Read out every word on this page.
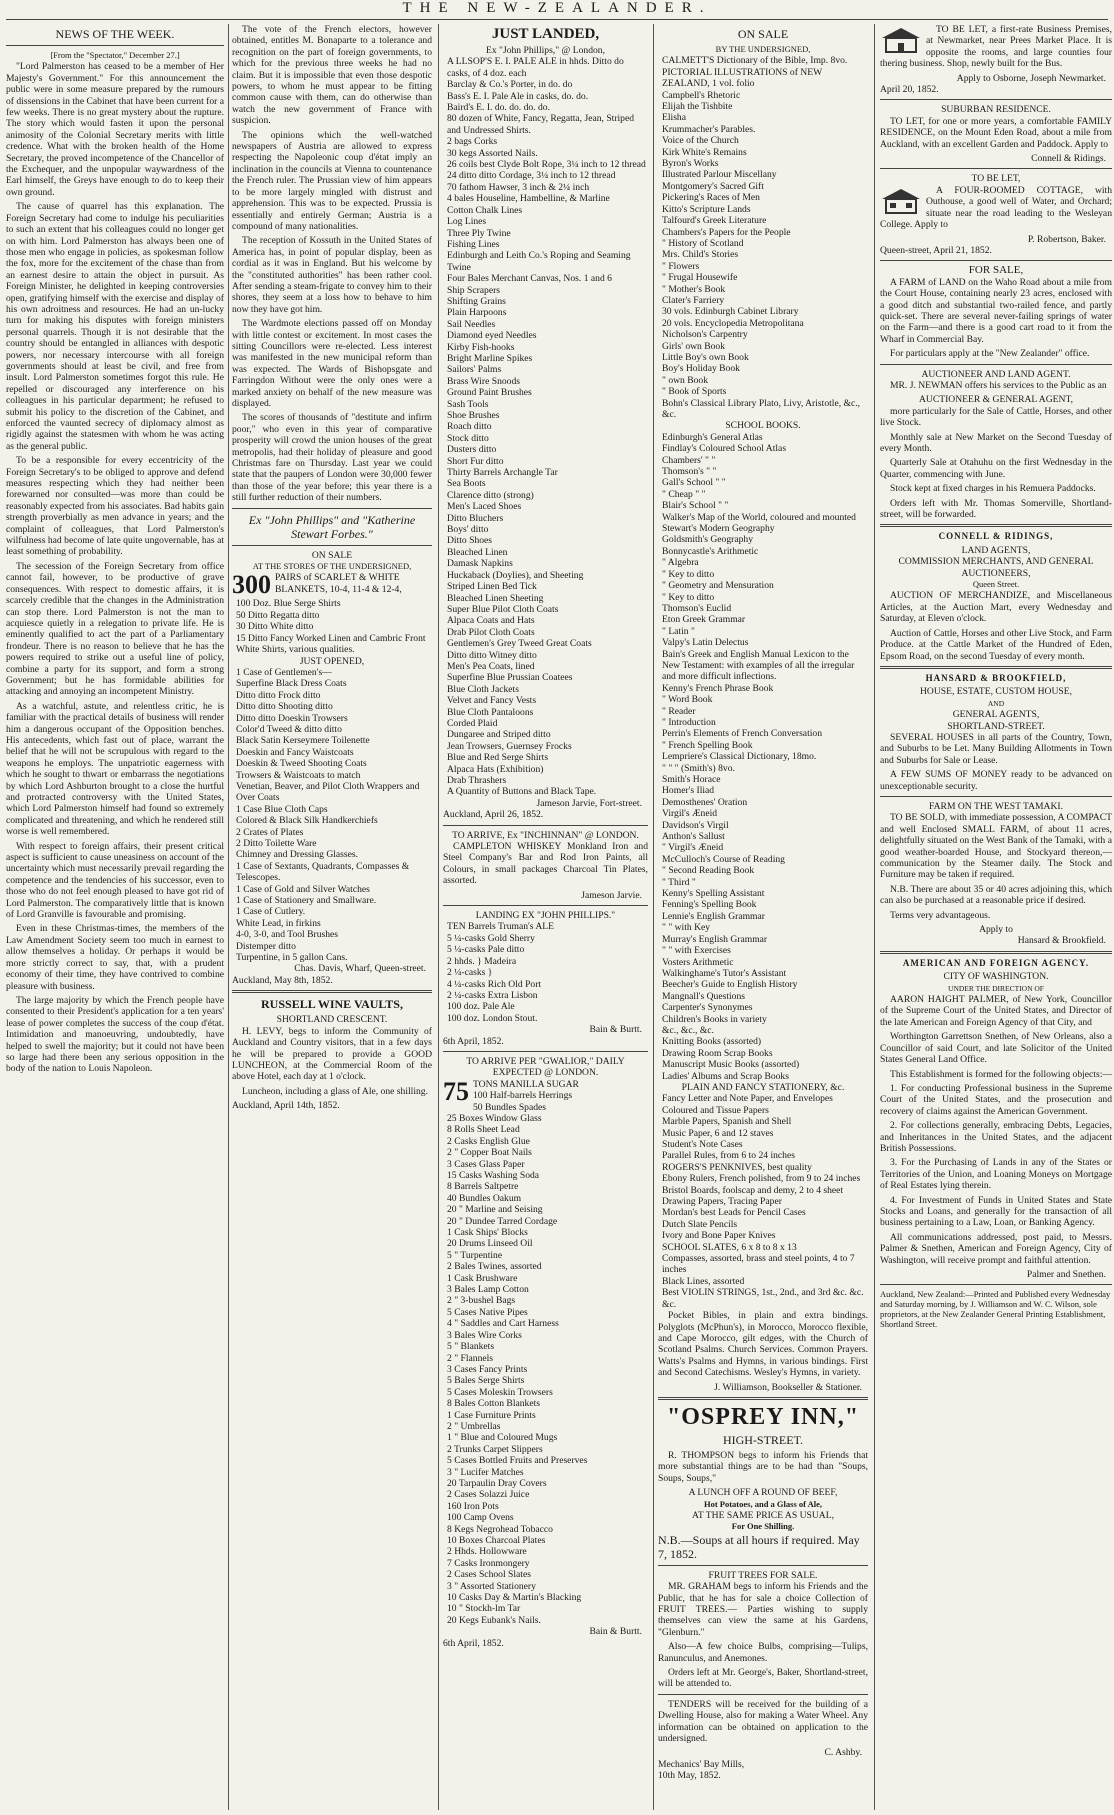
THE NEW-ZEALANDER.
NEWS OF THE WEEK.
[From the "Spectator," December 27.]

"Lord Palmerston has ceased to be a member of Her Majesty's Government." For this announcement the public were in some measure prepared by the rumours of dissensions in the Cabinet that have been current for a few weeks. There is no great mystery about the rupture. The story which would fasten it upon the personal animosity of the Colonial Secretary merits with little credence. What with the broken health of the Home Secretary, the proved incompetence of the Chancellor of the Exchequer, and the unpopular waywardness of the Earl himself, the Greys have enough to do to keep their own ground.

The cause of quarrel has this explanation. The Foreign Secretary had come to indulge his peculiarities to such an extent that his colleagues could no longer get on with him. Lord Palmerston has always been one of those men who engage in policies, as spokesman follow the fox, more for the excitement of the chase than from an earnest desire to attain the object in pursuit. As Foreign Minister, he delighted in keeping controversies open, gratifying himself with the exercise and display of his own adroitness and resources. He had an un-lucky turn for making his disputes with foreign ministers personal quarrels. Though it is not desirable that the country should be entangled in alliances with despotic powers, nor necessary intercourse with all foreign governments should at least be civil, and free from insult. Lord Palmerston sometimes forgot this rule. He repelled or discouraged any interference on his colleagues in his particular department; he refused to submit his policy to the discretion of the Cabinet, and enforced the vaunted secrecy of diplomacy almost as rigidly against the statesmen with whom he was acting as the general public.

To be a responsible for every eccentricity of the Foreign Secretary's to be obliged to approve and defend measures respecting which they had neither been forewarned nor consulted—was more than could be reasonably expected from his associates. Bad habits gain strength proverbially as men advance in years; and the complaint of colleagues, that Lord Palmerston's wilfulness had become of late quite ungovernable, has at least something of probability.

The secession of the Foreign Secretary from office cannot fail, however, to be productive of grave consequences. With respect to domestic affairs, it is scarcely credible that the changes in the Administration can stop there. Lord Palmerston is not the man to acquiesce quietly in a relegation to private life. He is eminently qualified to act the part of a Parliamentary frondeur. There is no reason to believe that he has the powers required to strike out a useful line of policy, combine a party for its support, and form a strong Government; but he has formidable abilities for attacking and annoying an incompetent Ministry.

As a watchful, astute, and relentless critic, he is familiar with the practical details of business will render him a dangerous occupant of the Opposition benches. His antecedents, which fast out of place, warrant the belief that he will not be scrupulous with regard to the weapons he employs. The unpatriotic eagerness with which he sought to thwart or embarrass the negotiations by which Lord Ashburton brought to a close the hurtful and protracted controversy with the United States, which Lord Palmerston himself had found so extremely complicated and threatening, and which he rendered still worse is well remembered.

With respect to foreign affairs, their present critical aspect is sufficient to cause uneasiness on account of the uncertainty which must necessarily prevail regarding the competence and the tendencies of his successor, even to those who do not feel enough pleased to have got rid of Lord Palmerston. The comparatively little that is known of Lord Granville is favourable and promising.

Even in these Christmas-times, the members of the Law Amendment Society seem too much in earnest to allow themselves a holiday. Or perhaps it would be more strictly correct to say, that, with a prudent economy of their time, they have contrived to combine pleasure with business.

The large majority by which the French people have consented to their President's application for a ten years' lease of power completes the success of the coup d'état. Intimidation and manoeuvring, undoubtedly, have helped to swell the majority; but it could not have been so large had there been any serious opposition in the body of the nation to Louis Napoleon.

The vote of the French electors, however obtained, entitles M. Bonaparte to a tolerance and recognition on the part of foreign governments, to which for the previous three weeks he had no claim. But it is impossible that even those despotic powers, to whom he must appear to be fitting common cause with them, can do otherwise than watch the new government of France with suspicion.

The opinions which the well-watched newspapers of Austria are allowed to express respecting the Napoleonic coup d'état imply an inclination in the councils at Vienna to countenance the French ruler. The Prussian view of him appears to be more largely mingled with distrust and apprehension. This was to be expected. Prussia is essentially and entirely German; Austria is a compound of many nationalities.

The reception of Kossuth in the United States of America has, in point of popular display, been as cordial as it was in England. But his welcome by the "constituted authorities" has been rather cool. After sending a steam-frigate to convey him to their shores, they seem at a loss how to behave to him now they have got him.

The Wardmote elections passed off on Monday with little contest or excitement. In most cases the sitting Councillors were re-elected. Less interest was manifested in the new municipal reform than was expected. The Wards of Bishopsgate and Farringdon Without were the only ones were a marked anxiety on behalf of the new measure was displayed.

The scores of thousands of "destitute and infirm poor," who even in this year of comparative prosperity will crowd the union houses of the great metropolis, had their holiday of pleasure and good Christmas fare on Thursday. Last year we could state that the paupers of London were 30,000 fewer than those of the year before; this year there is a still further reduction of their numbers.

Ex "John Phillips" and "Katherine Stewart Forbes."
ON SALE
AT THE STORES OF THE UNDERSIGNED,
300 PAIRS of SCARLET & WHITE BLANKETS, 10-4, 11-4 & 12-4,
100 Doz. Blue Serge Shirts
50 Ditto Regatta ditto
30 Ditto White ditto
15 Ditto Fancy Worked Linen and Cambric Front White Shirts, various qualities.
JUST OPENED,
1 Case of Gentlemen's—
Superfine Black Dress Coats
Ditto ditto Frock ditto
Ditto ditto Shooting ditto
Ditto ditto Doeskin Trowsers
Color'd Tweed & ditto ditto
Black Satin Kerseymere Toilenette
Doeskin and Fancy Waistcoats
Doeskin & Tweed Shooting Coats
Trowsers & Waistcoats to match
Venetian, Beaver, and Pilot Cloth Wrappers and Over Coats
1 Case Blue Cloth Caps
Colored & Black Silk Handkerchiefs
2 Crates of Plates
2 Ditto Toilette Ware
Chimney and Dressing Glasses.
1 Case of Sextants, Quadrants, Compasses & Telescopes.
1 Case of Gold and Silver Watches
1 Case of Stationery and Smallware.
1 Case of Cutlery.
White Lead, in firkins
4-0, 3-0, and Tool Brushes
Distemper ditto
Turpentine, in 5 gallon Cans.
Chas. Davis, Wharf, Queen-street.
Auckland, May 8th, 1852.
RUSSELL WINE VAULTS,
SHORTLAND CRESCENT.

H. LEVY, begs to inform the Community of Auckland and Country visitors, that in a few days he will be prepared to provide a GOOD LUNCHEON, at the Commercial Room of the above Hotel, each day at 1 o'clock.

Luncheon, including a glass of Ale, one shilling.

Auckland, April 14th, 1852.
JUST LANDED,
Ex "John Phillips," @ London,
A LLSOP'S E. I. PALE ALE in hhds. Ditto do casks, of 4 doz. each
Barclay & Co.'s Porter, in do. do
Bass's E. I. Pale Ale in casks, do. do.
Baird's E. I. do. do. do. do.
80 dozen of White, Fancy, Regatta, Jean, Striped and Undressed Shirts.
2 bags Corks
30 kegs Assorted Nails.
26 coils best Clyde Bolt Rope, 3¼ inch to 12 thread
24 ditto ditto Cordage, 3¼ inch to 12 thread
70 fathom Hawser, 3 inch & 2¼ inch
4 bales Houseline, Hambelline, & Marline
Cotton Chalk Lines
Log Lines
Three Ply Twine
Fishing Lines
Edinburgh and Leith Co.'s Roping and Seaming Twine
Four Bales Merchant Canvas, Nos. 1 and 6
Ship Scrapers
Shifting Grains
Plain Harpoons
Sail Needles
Diamond eyed Needles
Kirby Fish-hooks
Bright Marline Spikes
Sailors' Palms
Brass Wire Snoods
Ground Paint Brushes
Sash Tools
Shoe Brushes
Roach ditto
Stock ditto
Dusters ditto
Short Fur ditto
Thirty Barrels Archangle Tar
Sea Boots
Clarence ditto (strong)
Men's Laced Shoes
Ditto Bluchers
Boys' ditto
Ditto Shoes
Bleached Linen
Damask Napkins
Huckaback (Doylies), and Sheeting
Striped Linen Bed Tick
Bleached Linen Sheeting
Super Blue Pilot Cloth Coats
Alpaca Coats and Hats
Drab Pilot Cloth Coats
Gentlemen's Grey Tweed Great Coats
Ditto ditto Witney ditto
Men's Pea Coats, lined
Superfine Blue Prussian Coatees
Blue Cloth Jackets
Velvet and Fancy Vests
Blue Cloth Pantaloons
Corded Plaid
Dungaree and Striped ditto
Jean Trowsers, Guernsey Frocks
Blue and Red Serge Shirts
Alpaca Hats (Exhibition)
Drab Thrashers
A Quantity of Buttons and Black Tape.
Jameson Jarvie, Fort-street.
Auckland, April 26, 1852.
TO ARRIVE, Ex "INCHINNAN" @ LONDON.

CAMPLETON WHISKEY Monkland Iron and Steel Company's Bar and Rod Iron Paints, all Colours, in small packages Charcoal Tin Plates, assorted.

Jameson Jarvie.
LANDING EX "JOHN PHILLIPS."
TEN Barrels Truman's ALE
5 ¼-casks Gold Sherry
5 ¼-casks Pale ditto
2 hhds. } Madeira
2 ¼-casks }
4 ¼-casks Rich Old Port
2 ¼-casks Extra Lisbon
100 doz. Pale Ale
100 doz. London Stout.
Bain & Burtt.
6th April, 1852.
TO ARRIVE PER "GWALIOR," DAILY EXPECTED @ LONDON.
75 TONS MANILLA SUGAR
100 Half-barrels Herrings
50 Bundles Spades
25 Boxes Window Glass
8 Rolls Sheet Lead
2 Casks English Glue
2 " Copper Boat Nails
3 Cases Glass Paper
15 Casks Washing Soda
8 Barrels Saltpetre
40 Bundles Oakum
20 " Marline and Seising
20 " Dundee Tarred Cordage
1 Cask Ships' Blocks
20 Drums Linseed Oil
5 " Turpentine
2 Bales Twines, assorted
1 Cask Brushware
3 Bales Lamp Cotton
2 " 3-bushel Bags
5 Cases Native Pipes
4 " Saddles and Cart Harness
3 Bales Wire Corks
5 " Blankets
2 " Flannels
3 Cases Fancy Prints
5 Bales Serge Shirts
5 Cases Moleskin Trowsers
8 Bales Cotton Blankets
1 Case Furniture Prints
2 " Umbrellas
1 " Blue and Coloured Mugs
2 Trunks Carpet Slippers
5 Cases Bottled Fruits and Preserves
3 " Lucifer Matches
20 Tarpaulin Dray Covers
2 Cases Solazzi Juice
160 Iron Pots
100 Camp Ovens
8 Kegs Negrohead Tobacco
10 Boxes Charcoal Plates
2 Hhds. Hollowware
7 Casks Ironmongery
2 Cases School Slates
3 " Assorted Stationery
10 Casks Day & Martin's Blacking
10 " Stockh-lm Tar
20 Kegs Eubank's Nails.
Bain & Burtt.
6th April, 1852.
ON SALE
BY THE UNDERSIGNED,
CALMETT'S Dictionary of the Bible, Imp. 8vo.
PICTORIAL ILLUSTRATIONS of NEW ZEALAND, 1 vol. folio
Campbell's Rhetoric
Elijah the Tishbite
Elisha
Krummacher's Parables.
Voice of the Church
Kirk White's Remains
Byron's Works
Illustrated Parlour Miscellany
Montgomery's Sacred Gift
Pickering's Races of Men
Kitto's Scripture Lands
Talfourd's Greek Literature
Chambers's Papers for the People
" History of Scotland
Mrs. Child's Stories
" Flowers
" Frugal Housewife
" Mother's Book
Clater's Farriery
30 vols. Edinburgh Cabinet Library
20 vols. Encyclopedia Metropolitana
Nicholson's Carpentry
Girls' own Book
Little Boy's own Book
Boy's Holiday Book
" own Book
" Book of Sports
Bohn's Classical Library Plato, Livy, Aristotle, &c., &c.
SCHOOL BOOKS.
Edinburgh's General Atlas
Findlay's Coloured School Atlas
Chambers' " "
Thomson's " "
Gall's School " "
" Cheap " "
Blair's School " "
Walker's Map of the World, coloured and mounted
Stewart's Modern Geography
Goldsmith's Geography
Bonnycastle's Arithmetic
" Algebra
" Key to ditto
" Geometry and Mensuration
" Key to ditto
Thomson's Euclid
Eton Greek Grammar
" Latin "
Valpy's Latin Delectus
Bain's Greek and English Manual Lexicon to the New Testament: with examples of all the irregular and more difficult inflections.
Kenny's French Phrase Book
" Word Book
" Reader
" Introduction
Perrin's Elements of French Conversation
" French Spelling Book
Lempriere's Classical Dictionary, 18mo.
" " " (Smith's) 8vo.
Smith's Horace
Homer's Iliad
Demosthenes' Oration
Virgil's Æneid
Davidson's Virgil
Anthon's Sallust
" Virgil's Æneid
McCulloch's Course of Reading
" Second Reading Book
" Third "
Kenny's Spelling Assistant
Fenning's Spelling Book
Lennie's English Grammar
" " with Key
Murray's English Grammar
" " with Exercises
Vosters Arithmetic
Walkinghame's Tutor's Assistant
Beecher's Guide to English History
Mangnall's Questions
Carpenter's Synonymes
Children's Books in variety
&c., &c., &c.
Knitting Books (assorted)
Drawing Room Scrap Books
Manuscript Music Books (assorted)
Ladies' Albums and Scrap Books
PLAIN AND FANCY STATIONERY, &c.
Fancy Letter and Note Paper, and Envelopes
Coloured and Tissue Papers
Marble Papers, Spanish and Shell
Music Paper, 6 and 12 staves
Student's Note Cases
Parallel Rules, from 6 to 24 inches
ROGERS'S PENKNIVES, best quality
Ebony Rulers, French polished, from 9 to 24 inches
Bristol Boards, foolscap and demy, 2 to 4 sheet
Drawing Papers, Tracing Paper
Mordan's best Leads for Pencil Cases
Dutch Slate Pencils
Ivory and Bone Paper Knives
SCHOOL SLATES, 6 x 8 to 8 x 13
Compasses, assorted, brass and steel points, 4 to 7 inches
Black Lines, assorted
Best VIOLIN STRINGS, 1st., 2nd., and 3rd &c. &c. &c.

Pocket Bibles, in plain and extra bindings. Polyglots (McPhun's), in Morocco, Morocco flexible, and Cape Morocco, gilt edges, with the Church of Scotland Psalms. Church Services. Common Prayers. Watts's Psalms and Hymns, in various bindings. First and Second Catechisms. Wesley's Hymns, in variety.

J. Williamson, Bookseller & Stationer.
"OSPREY INN,"
HIGH-STREET.

R. THOMPSON begs to inform his Friends that more substantial things are to be had than "Soups, Soups, Soups,"

A LUNCH OFF A ROUND OF BEEF,
Hot Potatoes, and a Glass of Ale,
AT THE SAME PRICE AS USUAL,
For One Shilling.
N.B.—Soups at all hours if required. May 7, 1852.
FRUIT TREES FOR SALE.

MR. GRAHAM begs to inform his Friends and the Public, that he has for sale a choice Collection of FRUIT TREES.— Parties wishing to supply themselves can view the same at his Gardens, "Glenburn."

Also—A few choice Bulbs, comprising—Tulips, Ranunculus, and Anemones.

Orders left at Mr. George's, Baker, Shortland-street, will be attended to.

TENDERS will be received for the building of a Dwelling House, also for making a Water Wheel. Any information can be obtained on application to the undersigned.

C. Ashby.
Mechanics' Bay Mills,
10th May, 1852.

TO BE LET, a first-rate Business Premises, at Newmarket, near Prees Market Place. It is opposite the rooms, and large counties four thering business. Shop, newly built for the Bus.

Apply to Osborne, Joseph Newmarket.
April 20, 1852.
SUBURBAN RESIDENCE.

TO LET, for one or more years, a comfortable FAMILY RESIDENCE, on the Mount Eden Road, about a mile from Auckland, with an excellent Garden and Paddock. Apply to

Connell & Ridings.
TO BE LET,

A FOUR-ROOMED COTTAGE, with Outhouse, a good well of Water, and Orchard; situate near the road leading to the Wesleyan College. Apply to

P. Robertson, Baker.
Queen-street, April 21, 1852.
FOR SALE,

A FARM of LAND on the Waho Road about a mile from the Court House, containing nearly 23 acres, enclosed with a good ditch and substantial two-railed fence, and partly quick-set. There are several never-failing springs of water on the Farm—and there is a good cart road to it from the Wharf in Commercial Bay.

For particulars apply at the "New Zealander" office.

AUCTIONEER AND LAND AGENT.

MR. J. NEWMAN offers his services to the Public as an

AUCTIONEER & GENERAL AGENT,

more particularly for the Sale of Cattle, Horses, and other live Stock.

Monthly sale at New Market on the Second Tuesday of every Month.

Quarterly Sale at Otahuhu on the first Wednesday in the Quarter, commencing with June.

Stock kept at fixed charges in his Remuera Paddocks.

Orders left with Mr. Thomas Somerville, Shortland-street, will be forwarded.

CONNELL & RIDINGS,
LAND AGENTS,
COMMISSION MERCHANTS, AND GENERAL AUCTIONEERS,
Queen Street.

AUCTION OF MERCHANDIZE, and Miscellaneous Articles, at the Auction Mart, every Wednesday and Saturday, at Eleven o'clock.

Auction of Cattle, Horses and other Live Stock, and Farm Produce. at the Cattle Market of the Hundred of Eden, Epsom Road, on the second Tuesday of every month.

HANSARD & BROOKFIELD,
HOUSE, ESTATE, CUSTOM HOUSE,
AND
GENERAL AGENTS,
SHORTLAND-STREET.

SEVERAL HOUSES in all parts of the Country, Town, and Suburbs to be Let. Many Building Allotments in Town and Suburbs for Sale or Lease.

A FEW SUMS OF MONEY ready to be advanced on unexceptionable security.

FARM ON THE WEST TAMAKI.

TO BE SOLD, with immediate possession, A COMPACT and well Enclosed SMALL FARM, of about 11 acres, delightfully situated on the West Bank of the Tamaki, with a good weather-boarded House, and Stockyard thereon,—communication by the Steamer daily. The Stock and Furniture may be taken if required.

N.B. There are about 35 or 40 acres adjoining this, which can also be purchased at a reasonable price if desired.

Terms very advantageous.

Apply to
Hansard & Brookfield.
AMERICAN AND FOREIGN AGENCY.
CITY OF WASHINGTON.
UNDER THE DIRECTION OF

AARON HAIGHT PALMER, of New York, Councillor of the Supreme Court of the United States, and Director of the late American and Foreign Agency of that City, and

Worthington Garrettson Snethen, of New Orleans, also a Councillor of said Court, and late Solicitor of the United States General Land Office.

This Establishment is formed for the following objects:—

1. For conducting Professional business in the Supreme Court of the United States, and the prosecution and recovery of claims against the American Government.

2. For collections generally, embracing Debts, Legacies, and Inheritances in the United States, and the adjacent British Possessions.

3. For the Purchasing of Lands in any of the States or Territories of the Union, and Loaning Moneys on Mortgage of Real Estates lying therein.

4. For Investment of Funds in United States and State Stocks and Loans, and generally for the transaction of all business pertaining to a Law, Loan, or Banking Agency.

All communications addressed, post paid, to Messrs. Palmer & Snethen, American and Foreign Agency, City of Washington, will receive prompt and faithful attention.

Palmer and Snethen.
Auckland, New Zealand:—Printed and Published every Wednesday and Saturday morning, by J. Williamson and W. C. Wilson, sole proprietors, at the New Zealander General Printing Establishment, Shortland Street.
